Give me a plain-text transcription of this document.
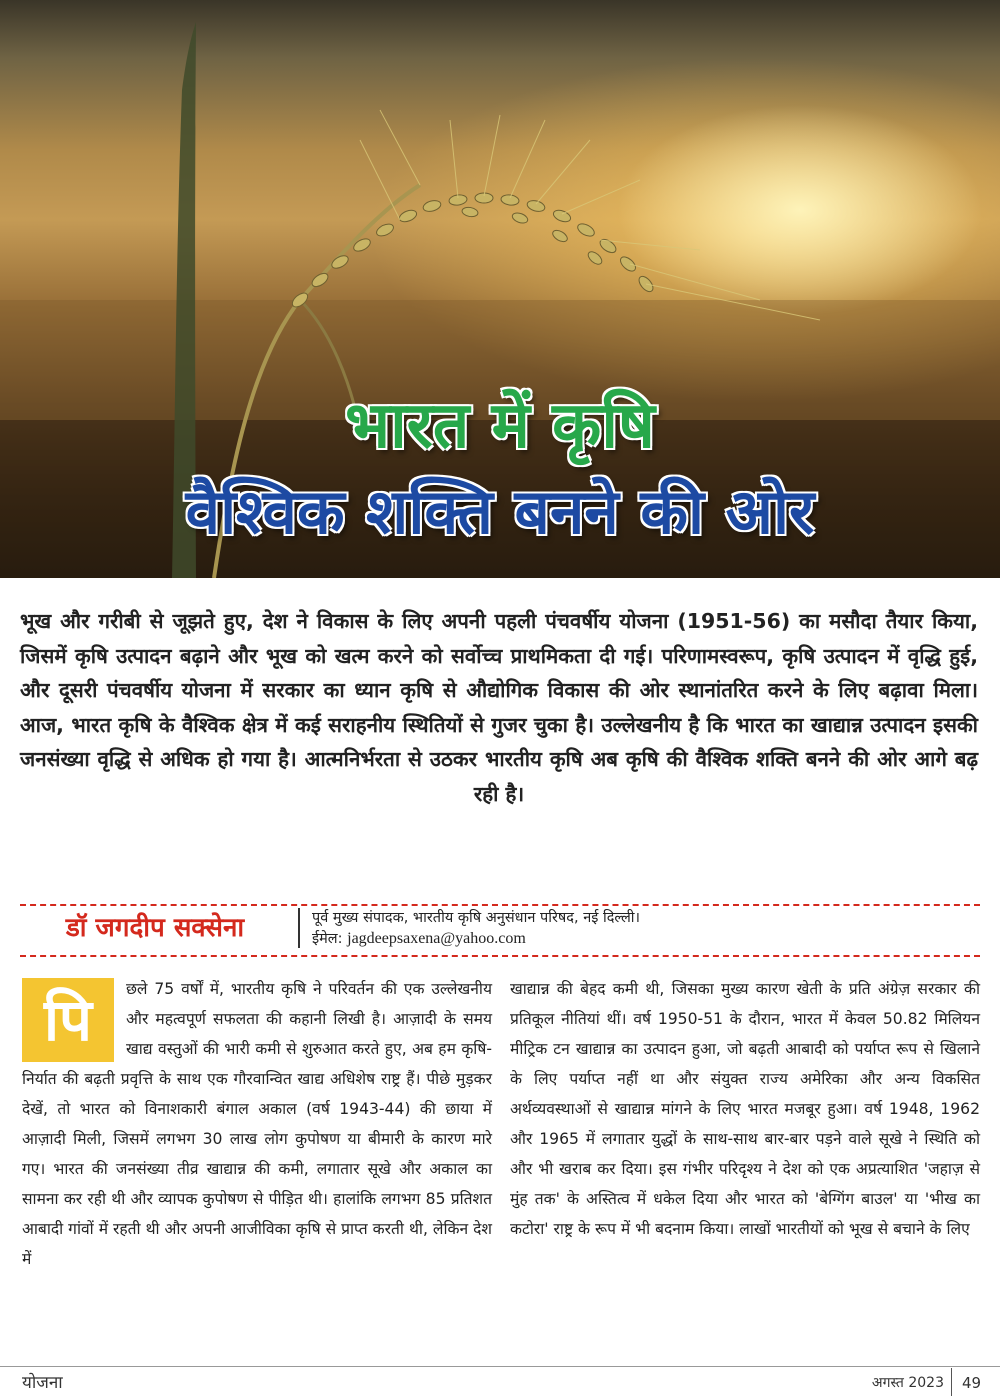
भारत में कृषि
वैश्विक शक्ति बनने की ओर

भूख और गरीबी से जूझते हुए, देश ने विकास के लिए अपनी पहली पंचवर्षीय योजना (1951-56) का मसौदा तैयार किया, जिसमें कृषि उत्पादन बढ़ाने और भूख को खत्म करने को सर्वोच्च प्राथमिकता दी गई। परिणामस्वरूप, कृषि उत्पादन में वृद्धि हुई, और दूसरी पंचवर्षीय योजना में सरकार का ध्यान कृषि से औद्योगिक विकास की ओर स्थानांतरित करने के लिए बढ़ावा मिला। आज, भारत कृषि के वैश्विक क्षेत्र में कई सराहनीय स्थितियों से गुजर चुका है। उल्लेखनीय है कि भारत का खाद्यान्न उत्पादन इसकी जनसंख्या वृद्धि से अधिक हो गया है। आत्मनिर्भरता से उठकर भारतीय कृषि अब कृषि की वैश्विक शक्ति बनने की ओर आगे बढ़ रही है।

डॉ जगदीप सक्सेना	पूर्व मुख्य संपादक, भारतीय कृषि अनुसंधान परिषद, नई दिल्ली।
ईमेल: jagdeepsaxena@yahoo.com
पि	छले 75 वर्षों में, भारतीय कृषि ने परिवर्तन की एक उल्लेखनीय और महत्वपूर्ण सफलता की कहानी लिखी है। आज़ादी के समय खाद्य वस्तुओं की भारी कमी से शुरुआत करते हुए, अब हम कृषि-निर्यात की बढ़ती प्रवृत्ति के साथ एक गौरवान्वित खाद्य अधिशेष राष्ट्र हैं। पीछे मुड़कर देखें, तो भारत को विनाशकारी बंगाल अकाल (वर्ष 1943-44) की छाया में आज़ादी मिली, जिसमें लगभग 30 लाख लोग कुपोषण या बीमारी के कारण मारे गए। भारत की जनसंख्या तीव्र खाद्यान्न की कमी, लगातार सूखे और अकाल का सामना कर रही थी और व्यापक कुपोषण से पीड़ित थी। हालांकि लगभग 85 प्रतिशत आबादी गांवों में रहती थी और अपनी आजीविका कृषि से प्राप्त करती थी, लेकिन देश में
खाद्यान्न की बेहद कमी थी, जिसका मुख्य कारण खेती के प्रति अंग्रेज़ सरकार की प्रतिकूल नीतियां थीं। वर्ष 1950-51 के दौरान, भारत में केवल 50.82 मिलियन मीट्रिक टन खाद्यान्न का उत्पादन हुआ, जो बढ़ती आबादी को पर्याप्त रूप से खिलाने के लिए पर्याप्त नहीं था और संयुक्त राज्य अमेरिका और अन्य विकसित अर्थव्यवस्थाओं से खाद्यान्न मांगने के लिए भारत मजबूर हुआ। वर्ष 1948, 1962 और 1965 में लगातार युद्धों के साथ-साथ बार-बार पड़ने वाले सूखे ने स्थिति को और भी खराब कर दिया। इस गंभीर परिदृश्य ने देश को एक अप्रत्याशित 'जहाज़ से मुंह तक' के अस्तित्व में धकेल दिया और भारत को 'बेग्गिंग बाउल' या 'भीख का कटोरा' राष्ट्र के रूप में भी बदनाम किया। लाखों भारतीयों को भूख से बचाने के लिए
योजना	अगस्त 2023 49
